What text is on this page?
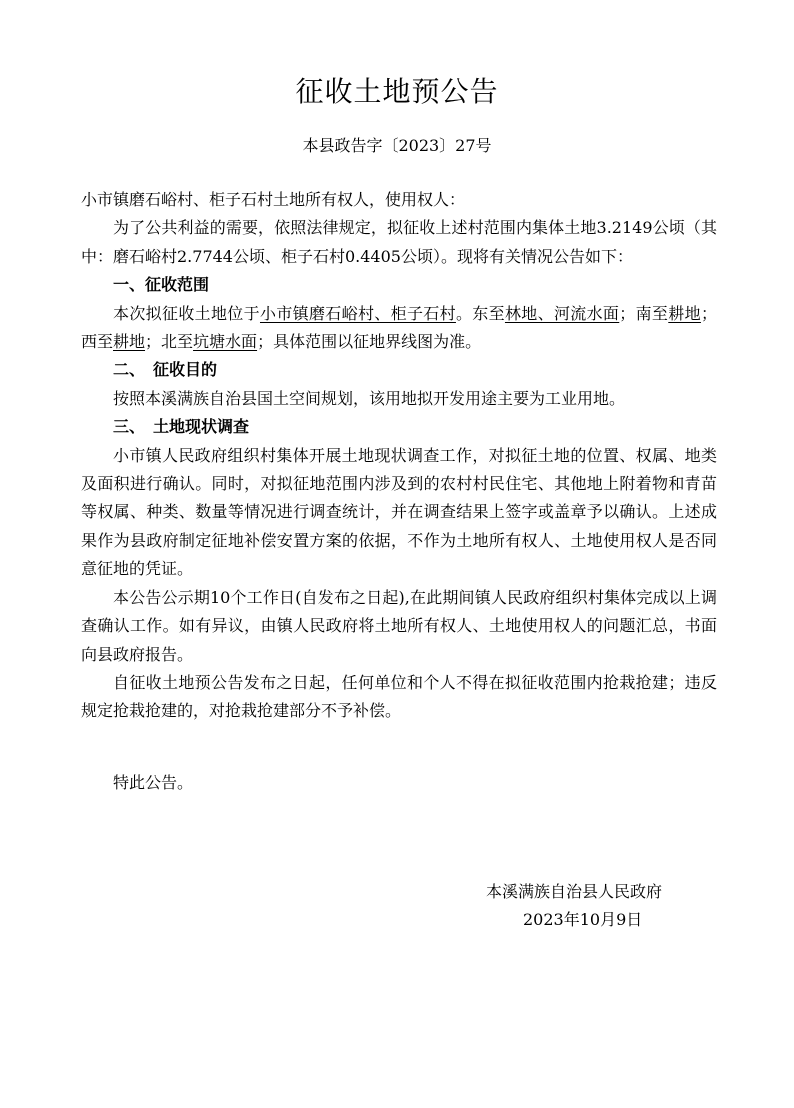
征收土地预公告
本县政告字〔2023〕27号

小市镇磨石峪村、柜子石村土地所有权人，使用权人：

为了公共利益的需要，依照法律规定，拟征收上述村范围内集体土地3.2149公顷（其中：磨石峪村2.7744公顷、柜子石村0.4405公顷）。现将有关情况公告如下：

一、征收范围

本次拟征收土地位于小市镇磨石峪村、柜子石村。东至林地、河流水面；南至耕地；西至耕地；北至坑塘水面；具体范围以征地界线图为准。

二、　征收目的

按照本溪满族自治县国土空间规划，该用地拟开发用途主要为工业用地。

三、　土地现状调查

小市镇人民政府组织村集体开展土地现状调查工作，对拟征土地的位置、权属、地类及面积进行确认。同时，对拟征地范围内涉及到的农村村民住宅、其他地上附着物和青苗等权属、种类、数量等情况进行调查统计，并在调查结果上签字或盖章予以确认。上述成果作为县政府制定征地补偿安置方案的依据，不作为土地所有权人、土地使用权人是否同意征地的凭证。

本公告公示期10个工作日(自发布之日起),在此期间镇人民政府组织村集体完成以上调查确认工作。如有异议，由镇人民政府将土地所有权人、土地使用权人的问题汇总，书面向县政府报告。

自征收土地预公告发布之日起，任何单位和个人不得在拟征收范围内抢栽抢建；违反规定抢栽抢建的，对抢栽抢建部分不予补偿。

特此公告。
本溪满族自治县人民政府
2023年10月9日
